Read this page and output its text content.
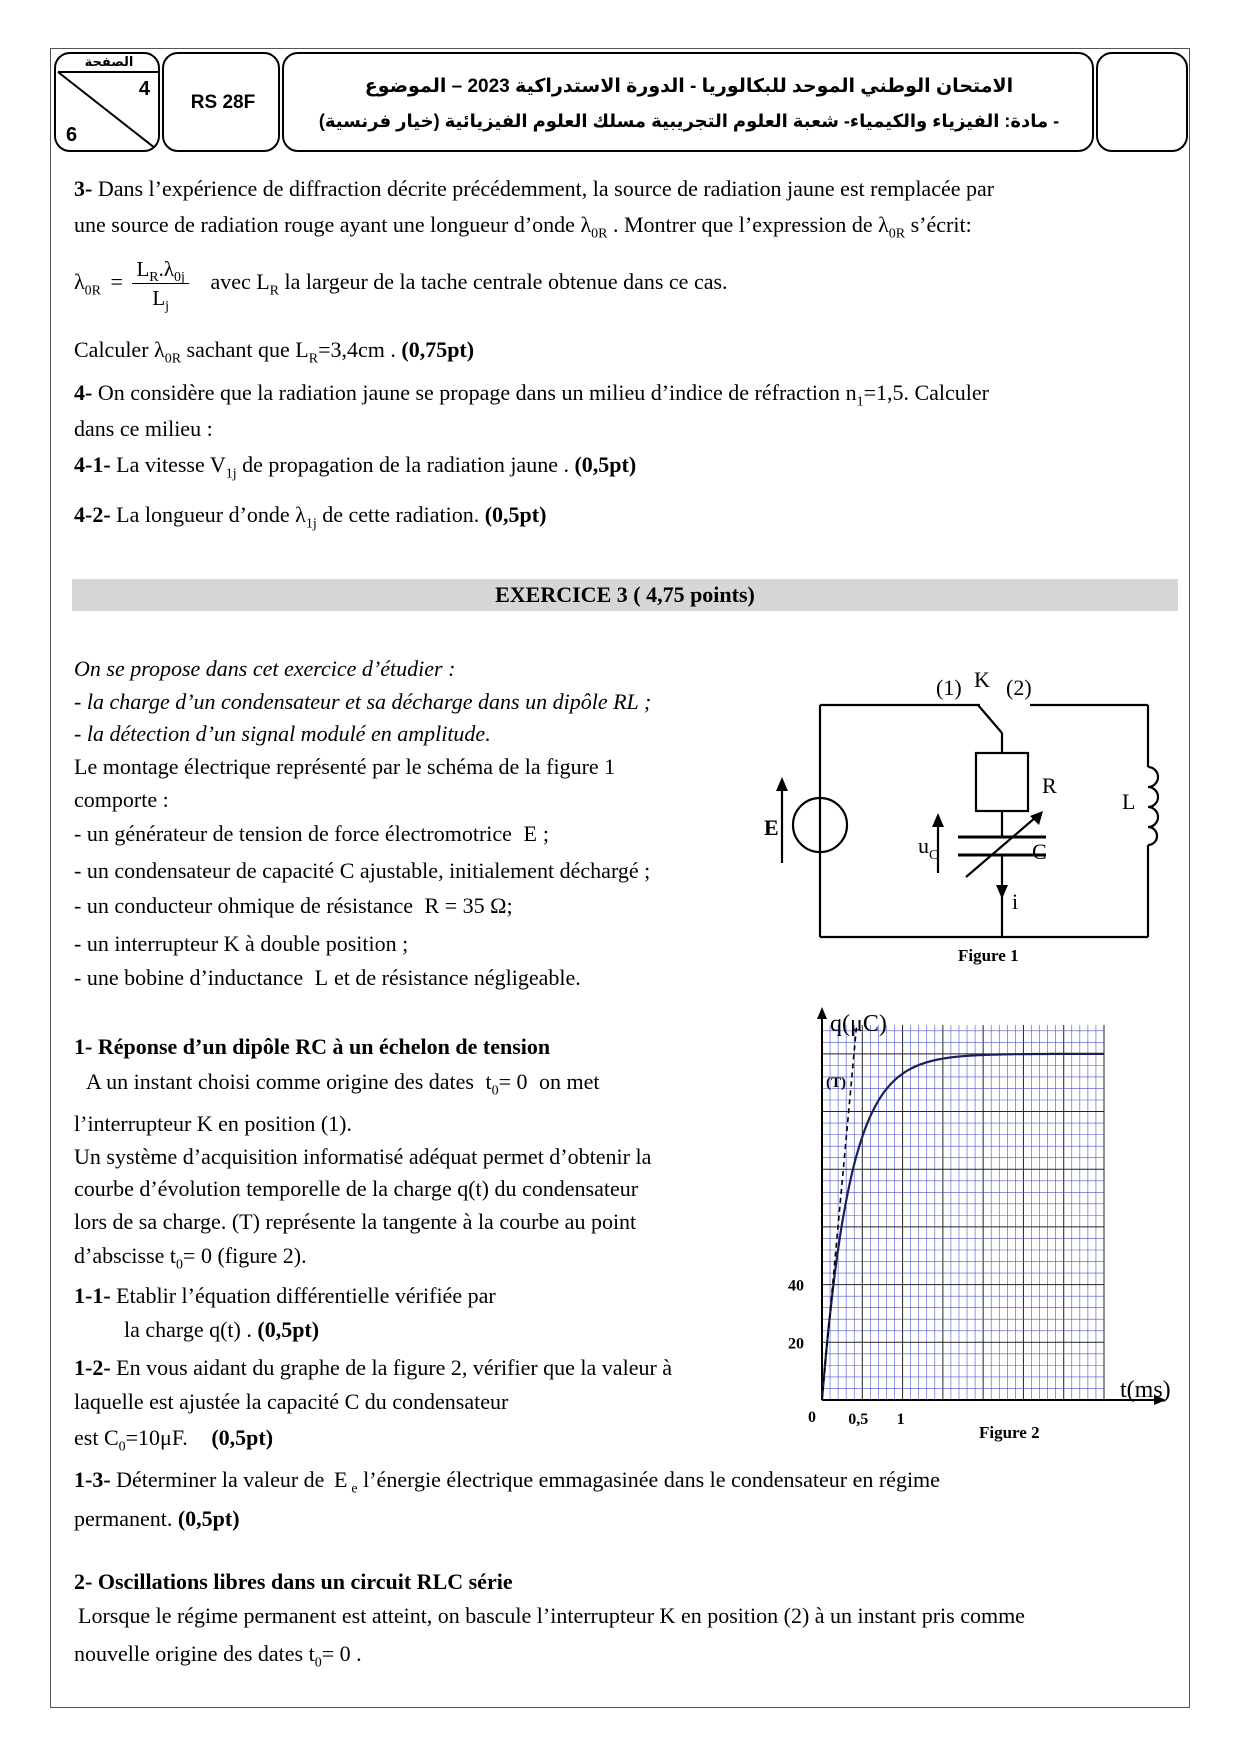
الصفحة
4
6
RS 28F
الامتحان الوطني الموحد للبكالوريا - الدورة الاستدراكية 2023 – الموضوع
- مادة: الفيزياء والكيمياء- شعبة العلوم التجريبية مسلك العلوم الفيزيائية (خيار فرنسية)
3- Dans l’expérience de diffraction décrite précédemment, la source de radiation jaune est remplacée par
une source de radiation rouge ayant une longueur d’onde $\lambda_{0R}$ . Montrer que l’expression de $\lambda_{0R}$ s’écrit:
$\lambda_{0R} = \frac{L_R.\lambda_{0j}}{L_j}$ avec $L_R$ la largeur de la tache centrale obtenue dans ce cas.
Calculer $\lambda_{0R}$ sachant que $L_R=3,4cm$ . (0,75pt)
4- On considère que la radiation jaune se propage dans un milieu d’indice de réfraction $n_1=1,5$. Calculer
dans ce milieu :
4-1- La vitesse $V_{1j}$ de propagation de la radiation jaune . (0,5pt)
4-2- La longueur d’onde $\lambda_{1j}$ de cette radiation. (0,5pt)
EXERCICE 3 ( 4,75 points)
On se propose dans cet exercice d’étudier :
- la charge d’un condensateur et sa décharge dans un dipôle RL ;
- la détection d’un signal modulé en amplitude.
Le montage électrique représenté par le schéma de la figure 1
comporte :
- un générateur de tension de force électromotrice E ;
- un condensateur de capacité C ajustable, initialement déchargé ;
- un conducteur ohmique de résistance R = 35 Ω;
- un interrupteur K à double position ;
- une bobine d’inductance L et de résistance négligeable.
(1) K (2)
R
L
E
$u_C$	C
i
Figure 1
1- Réponse d’un dipôle RC à un échelon de tension
A un instant choisi comme origine des dates $t_0= 0$ on met
l’interrupteur K en position (1).
Un système d’acquisition informatisé adéquat permet d’obtenir la
courbe d’évolution temporelle de la charge q(t) du condensateur
lors de sa charge. (T) représente la tangente à la courbe au point
d’abscisse $t_0= 0$ (figure 2).
1-1- Etablir l’équation différentielle vérifiée par
la charge q(t) . (0,5pt)
1-2- En vous aidant du graphe de la figure 2, vérifier que la valeur à
laquelle est ajustée la capacité C du condensateur
est $C_0=10\mu F$. (0,5pt)
1-3- Déterminer la valeur de E $_e$ l’énergie électrique emmagasinée dans le condensateur en régime
permanent. (0,5pt)
0,5 1
20
40
q(μC)
t(ms)
(T)
0
Figure 2
2- Oscillations libres dans un circuit RLC série
Lorsque le régime permanent est atteint, on bascule l’interrupteur K en position (2) à un instant pris comme
nouvelle origine des dates $t_0= 0$ .
